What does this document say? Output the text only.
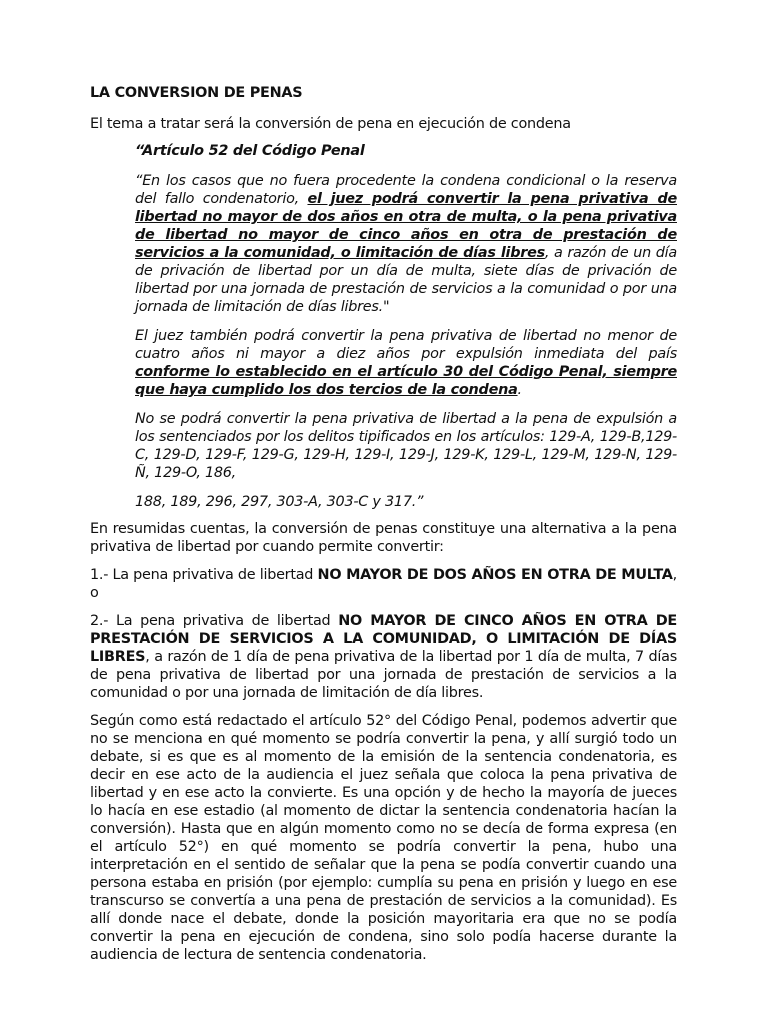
LA CONVERSION DE PENAS

El tema a tratar será la conversión de pena en ejecución de condena

“Artículo 52 del Código Penal

“En los casos que no fuera procedente la condena condicional o la reserva del fallo condenatorio, el juez podrá convertir la pena privativa de libertad no mayor de dos años en otra de multa, o la pena privativa de libertad no mayor de cinco años en otra de prestación de servicios a la comunidad, o limitación de días libres, a razón de un día de privación de libertad por un día de multa, siete días de privación de libertad por una jornada de prestación de servicios a la comunidad o por una jornada de limitación de días libres."

El juez también podrá convertir la pena privativa de libertad no menor de cuatro años ni mayor a diez años por expulsión inmediata del país conforme lo establecido en el artículo 30 del Código Penal, siempre que haya cumplido los dos tercios de la condena.

No se podrá convertir la pena privativa de libertad a la pena de expulsión a los sentenciados por los delitos tipificados en los artículos: 129-A, 129-B,129-C, 129-D, 129-F, 129-G, 129-H, 129-I, 129-J, 129-K, 129-L, 129-M, 129-N, 129-Ñ, 129-O, 186,

188, 189, 296, 297, 303-A, 303-C y 317.”

En resumidas cuentas, la conversión de penas constituye una alternativa a la pena privativa de libertad por cuando permite convertir:

1.- La pena privativa de libertad NO MAYOR DE DOS AÑOS EN OTRA DE MULTA, o

2.- La pena privativa de libertad NO MAYOR DE CINCO AÑOS EN OTRA DE PRESTACIÓN DE SERVICIOS A LA COMUNIDAD, O LIMITACIÓN DE DÍAS LIBRES, a razón de 1 día de pena privativa de la libertad por 1 día de multa, 7 días de pena privativa de libertad por una jornada de prestación de servicios a la comunidad o por una jornada de limitación de día libres.

Según como está redactado el artículo 52° del Código Penal, podemos advertir que no se menciona en qué momento se podría convertir la pena, y allí surgió todo un debate, si es que es al momento de la emisión de la sentencia condenatoria, es decir en ese acto de la audiencia el juez señala que coloca la pena privativa de libertad y en ese acto la convierte. Es una opción y de hecho la mayoría de jueces lo hacía en ese estadio (al momento de dictar la sentencia condenatoria hacían la conversión). Hasta que en algún momento como no se decía de forma expresa (en el artículo 52°) en qué momento se podría convertir la pena, hubo una interpretación en el sentido de señalar que la pena se podía convertir cuando una persona estaba en prisión (por ejemplo: cumplía su pena en prisión y luego en ese transcurso se convertía a una pena de prestación de servicios a la comunidad). Es allí donde nace el debate, donde la posición mayoritaria era que no se podía convertir la pena en ejecución de condena, sino solo podía hacerse durante la audiencia de lectura de sentencia condenatoria.
